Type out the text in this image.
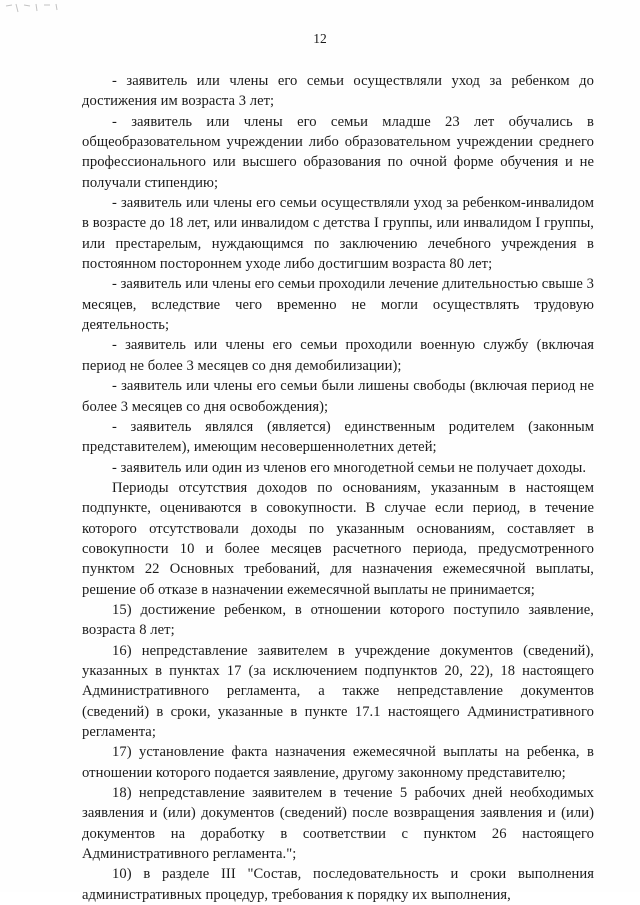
12

- заявитель или члены его семьи осуществляли уход за ребенком до достижения им возраста 3 лет;

- заявитель или члены его семьи младше 23 лет обучались в общеобразовательном учреждении либо образовательном учреждении среднего профессионального или высшего образования по очной форме обучения и не получали стипендию;

- заявитель или члены его семьи осуществляли уход за ребенком-инвалидом в возрасте до 18 лет, или инвалидом с детства I группы, или инвалидом I группы, или престарелым, нуждающимся по заключению лечебного учреждения в постоянном постороннем уходе либо достигшим возраста 80 лет;

- заявитель или члены его семьи проходили лечение длительностью свыше 3 месяцев, вследствие чего временно не могли осуществлять трудовую деятельность;

- заявитель или члены его семьи проходили военную службу (включая период не более 3 месяцев со дня демобилизации);

- заявитель или члены его семьи были лишены свободы (включая период не более 3 месяцев со дня освобождения);

- заявитель являлся (является) единственным родителем (законным представителем), имеющим несовершеннолетних детей;

- заявитель или один из членов его многодетной семьи не получает доходы.

Периоды отсутствия доходов по основаниям, указанным в настоящем подпункте, оцениваются в совокупности. В случае если период, в течение которого отсутствовали доходы по указанным основаниям, составляет в совокупности 10 и более месяцев расчетного периода, предусмотренного пунктом 22 Основных требований, для назначения ежемесячной выплаты, решение об отказе в назначении ежемесячной выплаты не принимается;

15) достижение ребенком, в отношении которого поступило заявление, возраста 8 лет;

16) непредставление заявителем в учреждение документов (сведений), указанных в пунктах 17 (за исключением подпунктов 20, 22), 18 настоящего Административного регламента, а также непредставление документов (сведений) в сроки, указанные в пункте 17.1 настоящего Административного регламента;

17) установление факта назначения ежемесячной выплаты на ребенка, в отношении которого подается заявление, другому законному представителю;

18) непредставление заявителем в течение 5 рабочих дней необходимых заявления и (или) документов (сведений) после возвращения заявления и (или) документов на доработку в соответствии с пунктом 26 настоящего Административного регламента.";

10) в разделе III "Состав, последовательность и сроки выполнения административных процедур, требования к порядку их выполнения,
